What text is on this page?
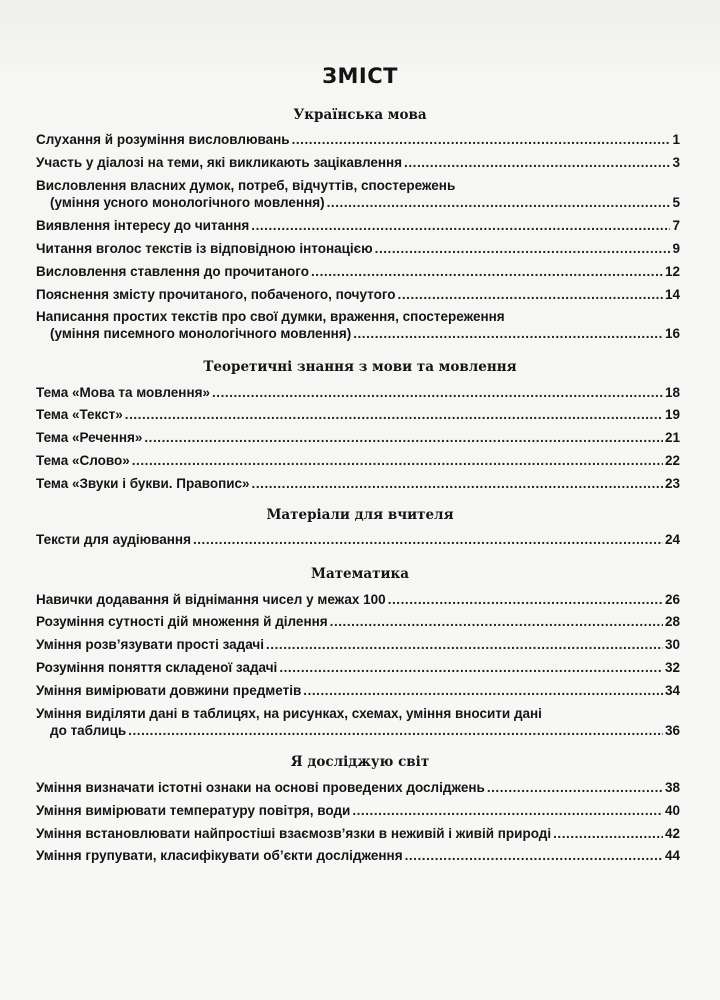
ЗМІСТ
Українська мова
Слухання й розуміння висловлювань . . .	1
Участь у діалозі на теми, які викликають зацікавлення . . .	3
Висловлення власних думок, потреб, відчуттів, спостережень
(уміння усного монологічного мовлення) . . .	5
Виявлення інтересу до читання . . .	7
Читання вголос текстів із відповідною інтонацією . . .	9
Висловлення ставлення до прочитаного . . .	12
Пояснення змісту прочитаного, побаченого, почутого . . .	14
Написання простих текстів про свої думки, враження, спостереження
(уміння писемного монологічного мовлення) . . .	16
Теоретичні знання з мови та мовлення
Тема «Мова та мовлення» . . .	18
Тема «Текст» . . .	19
Тема «Речення» . . .	21
Тема «Слово» . . .	22
Тема «Звуки і букви. Правопис» . . .	23
Матеріали для вчителя
Тексти для аудіювання . . .	24
Математика
Навички додавання й віднімання чисел у межах 100 . . .	26
Розуміння сутності дій множення й ділення . . .	28
Уміння розв’язувати прості задачі . . .	30
Розуміння поняття складеної задачі . . .	32
Уміння вимірювати довжини предметів . . .	34
Уміння виділяти дані в таблицях, на рисунках, схемах, уміння вносити дані
до таблиць . . .	36
Я досліджую світ
Уміння визначати істотні ознаки на основі проведених досліджень . . .	38
Уміння вимірювати температуру повітря, води . . .	40
Уміння встановлювати найпростіші взаємозв’язки в неживій і живій природі . . .	42
Уміння групувати, класифікувати об’єкти дослідження . . .	44
